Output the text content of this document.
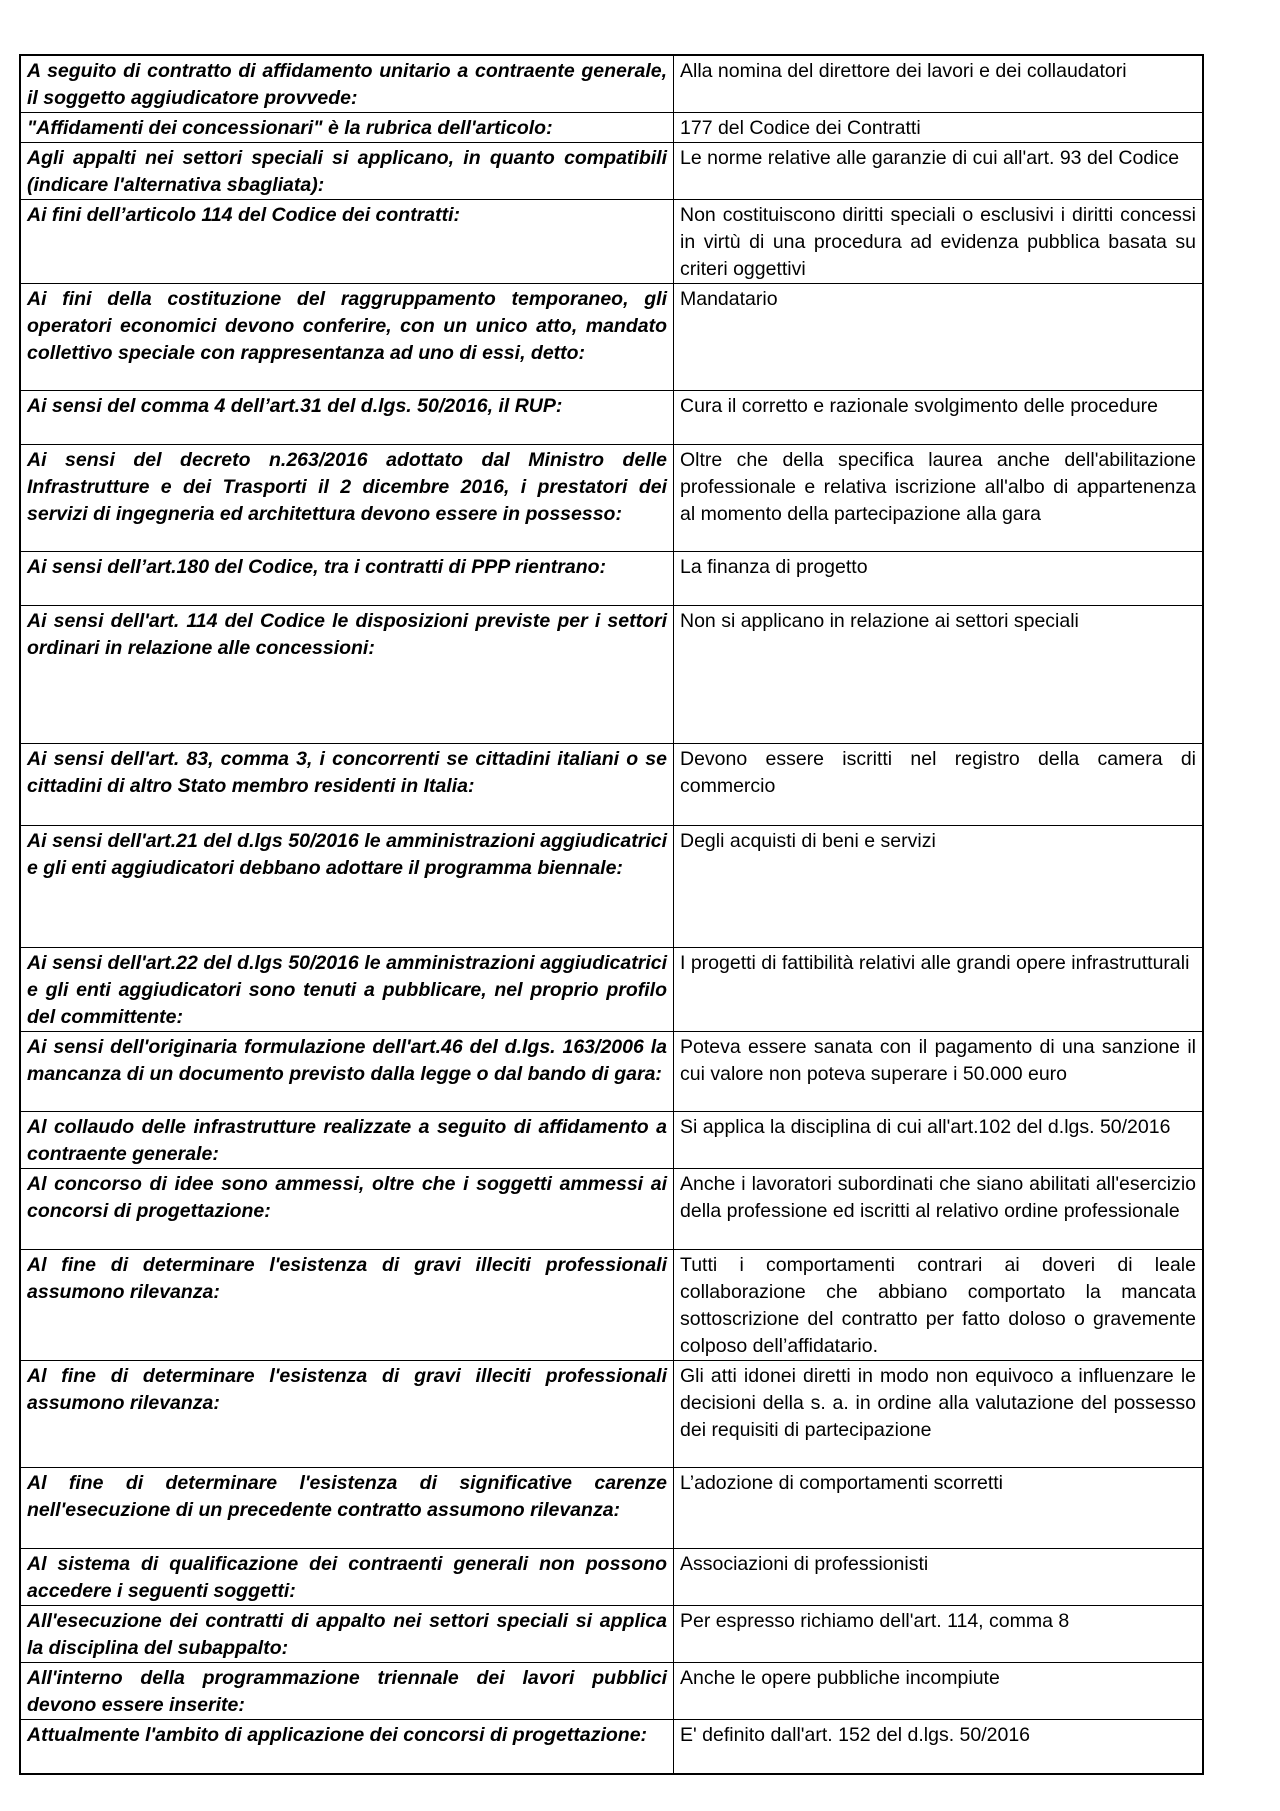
A seguito di contratto di affidamento unitario a contraente generale, il soggetto aggiudicatore provvede:	Alla nomina del direttore dei lavori e dei collaudatori
"Affidamenti dei concessionari" è la rubrica dell'articolo:	177 del Codice dei Contratti
Agli appalti nei settori speciali si applicano, in quanto compatibili (indicare l'alternativa sbagliata):	Le norme relative alle garanzie di cui all'art. 93 del Codice
Ai fini dell’articolo 114 del Codice dei contratti:	Non costituiscono diritti speciali o esclusivi i diritti concessi in virtù di una procedura ad evidenza pubblica basata su criteri oggettivi
Ai fini della costituzione del raggruppamento temporaneo, gli operatori economici devono conferire, con un unico atto, mandato collettivo speciale con rappresentanza ad uno di essi, detto:	Mandatario
Ai sensi del comma 4 dell’art.31 del d.lgs. 50/2016, il RUP:	Cura il corretto e razionale svolgimento delle procedure
Ai sensi del decreto n.263/2016 adottato dal Ministro delle Infrastrutture e dei Trasporti il 2 dicembre 2016, i prestatori dei servizi di ingegneria ed architettura devono essere in possesso:	Oltre che della specifica laurea anche dell'abilitazione professionale e relativa iscrizione all'albo di appartenenza al momento della partecipazione alla gara
Ai sensi dell’art.180 del Codice, tra i contratti di PPP rientrano:	La finanza di progetto
Ai sensi dell'art. 114 del Codice le disposizioni previste per i settori ordinari in relazione alle concessioni:	Non si applicano in relazione ai settori speciali
Ai sensi dell'art. 83, comma 3, i concorrenti se cittadini italiani o se cittadini di altro Stato membro residenti in Italia:	Devono essere iscritti nel registro della camera di commercio
Ai sensi dell'art.21 del d.lgs 50/2016 le amministrazioni aggiudicatrici e gli enti aggiudicatori debbano adottare il programma biennale:	Degli acquisti di beni e servizi
Ai sensi dell'art.22 del d.lgs 50/2016 le amministrazioni aggiudicatrici e gli enti aggiudicatori sono tenuti a pubblicare, nel proprio profilo del committente:	I progetti di fattibilità relativi alle grandi opere infrastrutturali
Ai sensi dell'originaria formulazione dell'art.46 del d.lgs. 163/2006 la mancanza di un documento previsto dalla legge o dal bando di gara:	Poteva essere sanata con il pagamento di una sanzione il cui valore non poteva superare i 50.000 euro
Al collaudo delle infrastrutture realizzate a seguito di affidamento a contraente generale:	Si applica la disciplina di cui all'art.102 del d.lgs. 50/2016
Al concorso di idee sono ammessi, oltre che i soggetti ammessi ai concorsi di progettazione:	Anche i lavoratori subordinati che siano abilitati all'esercizio della professione ed iscritti al relativo ordine professionale
Al fine di determinare l'esistenza di gravi illeciti professionali assumono rilevanza:	Tutti i comportamenti contrari ai doveri di leale collaborazione che abbiano comportato la mancata sottoscrizione del contratto per fatto doloso o gravemente colposo dell’affidatario.
Al fine di determinare l'esistenza di gravi illeciti professionali assumono rilevanza:	Gli atti idonei diretti in modo non equivoco a influenzare le decisioni della s. a. in ordine alla valutazione del possesso dei requisiti di partecipazione
Al fine di determinare l'esistenza di significative carenze nell'esecuzione di un precedente contratto assumono rilevanza:	L’adozione di comportamenti scorretti
Al sistema di qualificazione dei contraenti generali non possono accedere i seguenti soggetti:	Associazioni di professionisti
All'esecuzione dei contratti di appalto nei settori speciali si applica la disciplina del subappalto:	Per espresso richiamo dell'art. 114, comma 8
All'interno della programmazione triennale dei lavori pubblici devono essere inserite:	Anche le opere pubbliche incompiute
Attualmente l'ambito di applicazione dei concorsi di progettazione:	E' definito dall'art. 152 del d.lgs. 50/2016
